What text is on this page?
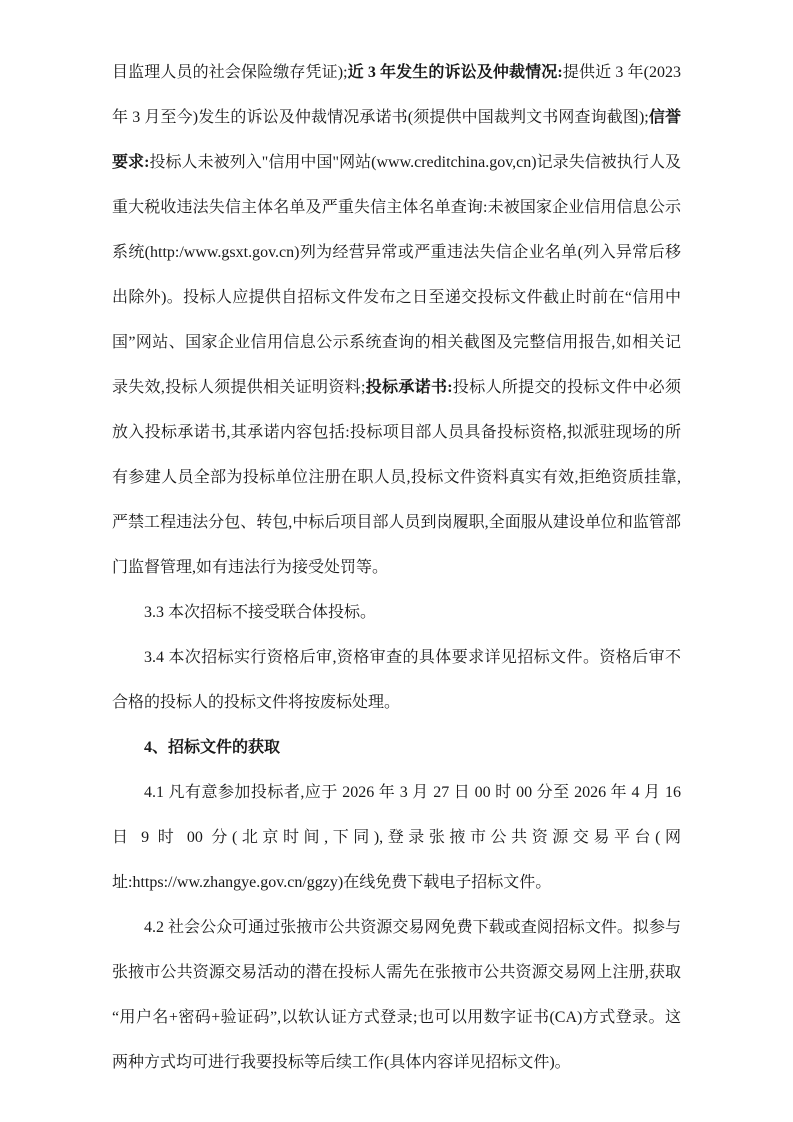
目监理人员的社会保险缴存凭证);近 3 年发生的诉讼及仲裁情况:提供近 3 年(2023 年 3 月至今)发生的诉讼及仲裁情况承诺书(须提供中国裁判文书网查询截图);信誉要求:投标人未被列入"信用中国"网站(www.creditchina.gov,cn)记录失信被执行人及重大税收违法失信主体名单及严重失信主体名单查询:未被国家企业信用信息公示系统(http:/www.gsxt.gov.cn)列为经营异常或严重违法失信企业名单(列入异常后移出除外)。投标人应提供自招标文件发布之日至递交投标文件截止时前在“信用中国”网站、国家企业信用信息公示系统查询的相关截图及完整信用报告,如相关记录失效,投标人须提供相关证明资料;投标承诺书:投标人所提交的投标文件中必须放入投标承诺书,其承诺内容包括:投标项目部人员具备投标资格,拟派驻现场的所有参建人员全部为投标单位注册在职人员,投标文件资料真实有效,拒绝资质挂靠,严禁工程违法分包、转包,中标后项目部人员到岗履职,全面服从建设单位和监管部门监督管理,如有违法行为接受处罚等。

3.3 本次招标不接受联合体投标。

3.4 本次招标实行资格后审,资格审查的具体要求详见招标文件。资格后审不合格的投标人的投标文件将按废标处理。

4、招标文件的获取

4.1 凡有意参加投标者,应于 2026 年 3 月 27 日 00 时 00 分至 2026 年 4 月 16 日 9 时 00 分(北京时间,下同),登录张掖市公共资源交易平台(网址:https://ww.zhangye.gov.cn/ggzy)在线免费下载电子招标文件。

4.2 社会公众可通过张掖市公共资源交易网免费下载或查阅招标文件。拟参与张掖市公共资源交易活动的潜在投标人需先在张掖市公共资源交易网上注册,获取“用户名+密码+验证码”,以软认证方式登录;也可以用数字证书(CA)方式登录。这两种方式均可进行我要投标等后续工作(具体内容详见招标文件)。
